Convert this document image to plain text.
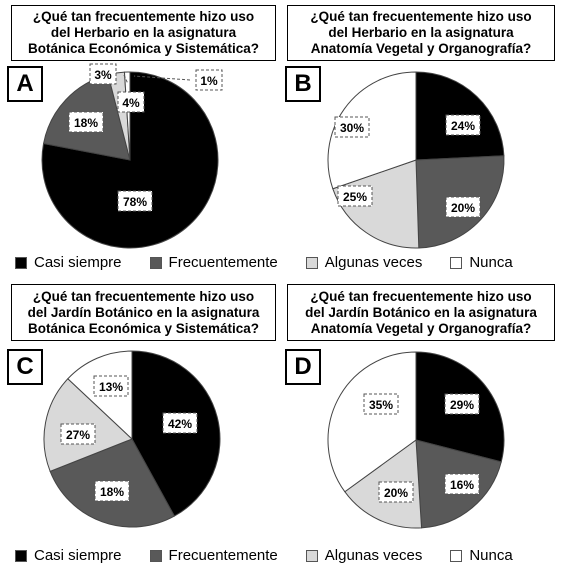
¿Qué tan frecuentemente hizo uso
del Herbario en la asignatura
Botánica Económica y Sistemática?
A
78%
18%
3%	1%
4%
¿Qué tan frecuentemente hizo uso
del Herbario en la asignatura
Anatomía Vegetal y Organografía?
B
24%
25%
20%
30%
¿Qué tan frecuentemente hizo uso
del Jardín Botánico en la asignatura
Botánica Económica y Sistemática?
C
42%
27%
18%
13%
¿Qué tan frecuentemente hizo uso
del Jardín Botánico en la asignatura
Anatomía Vegetal y Organografía?
D
29%
20%
16%
35%
Casi siempre	Frecuentemente	Algunas veces	Nunca
Casi siempre	Frecuentemente	Algunas veces	Nunca
